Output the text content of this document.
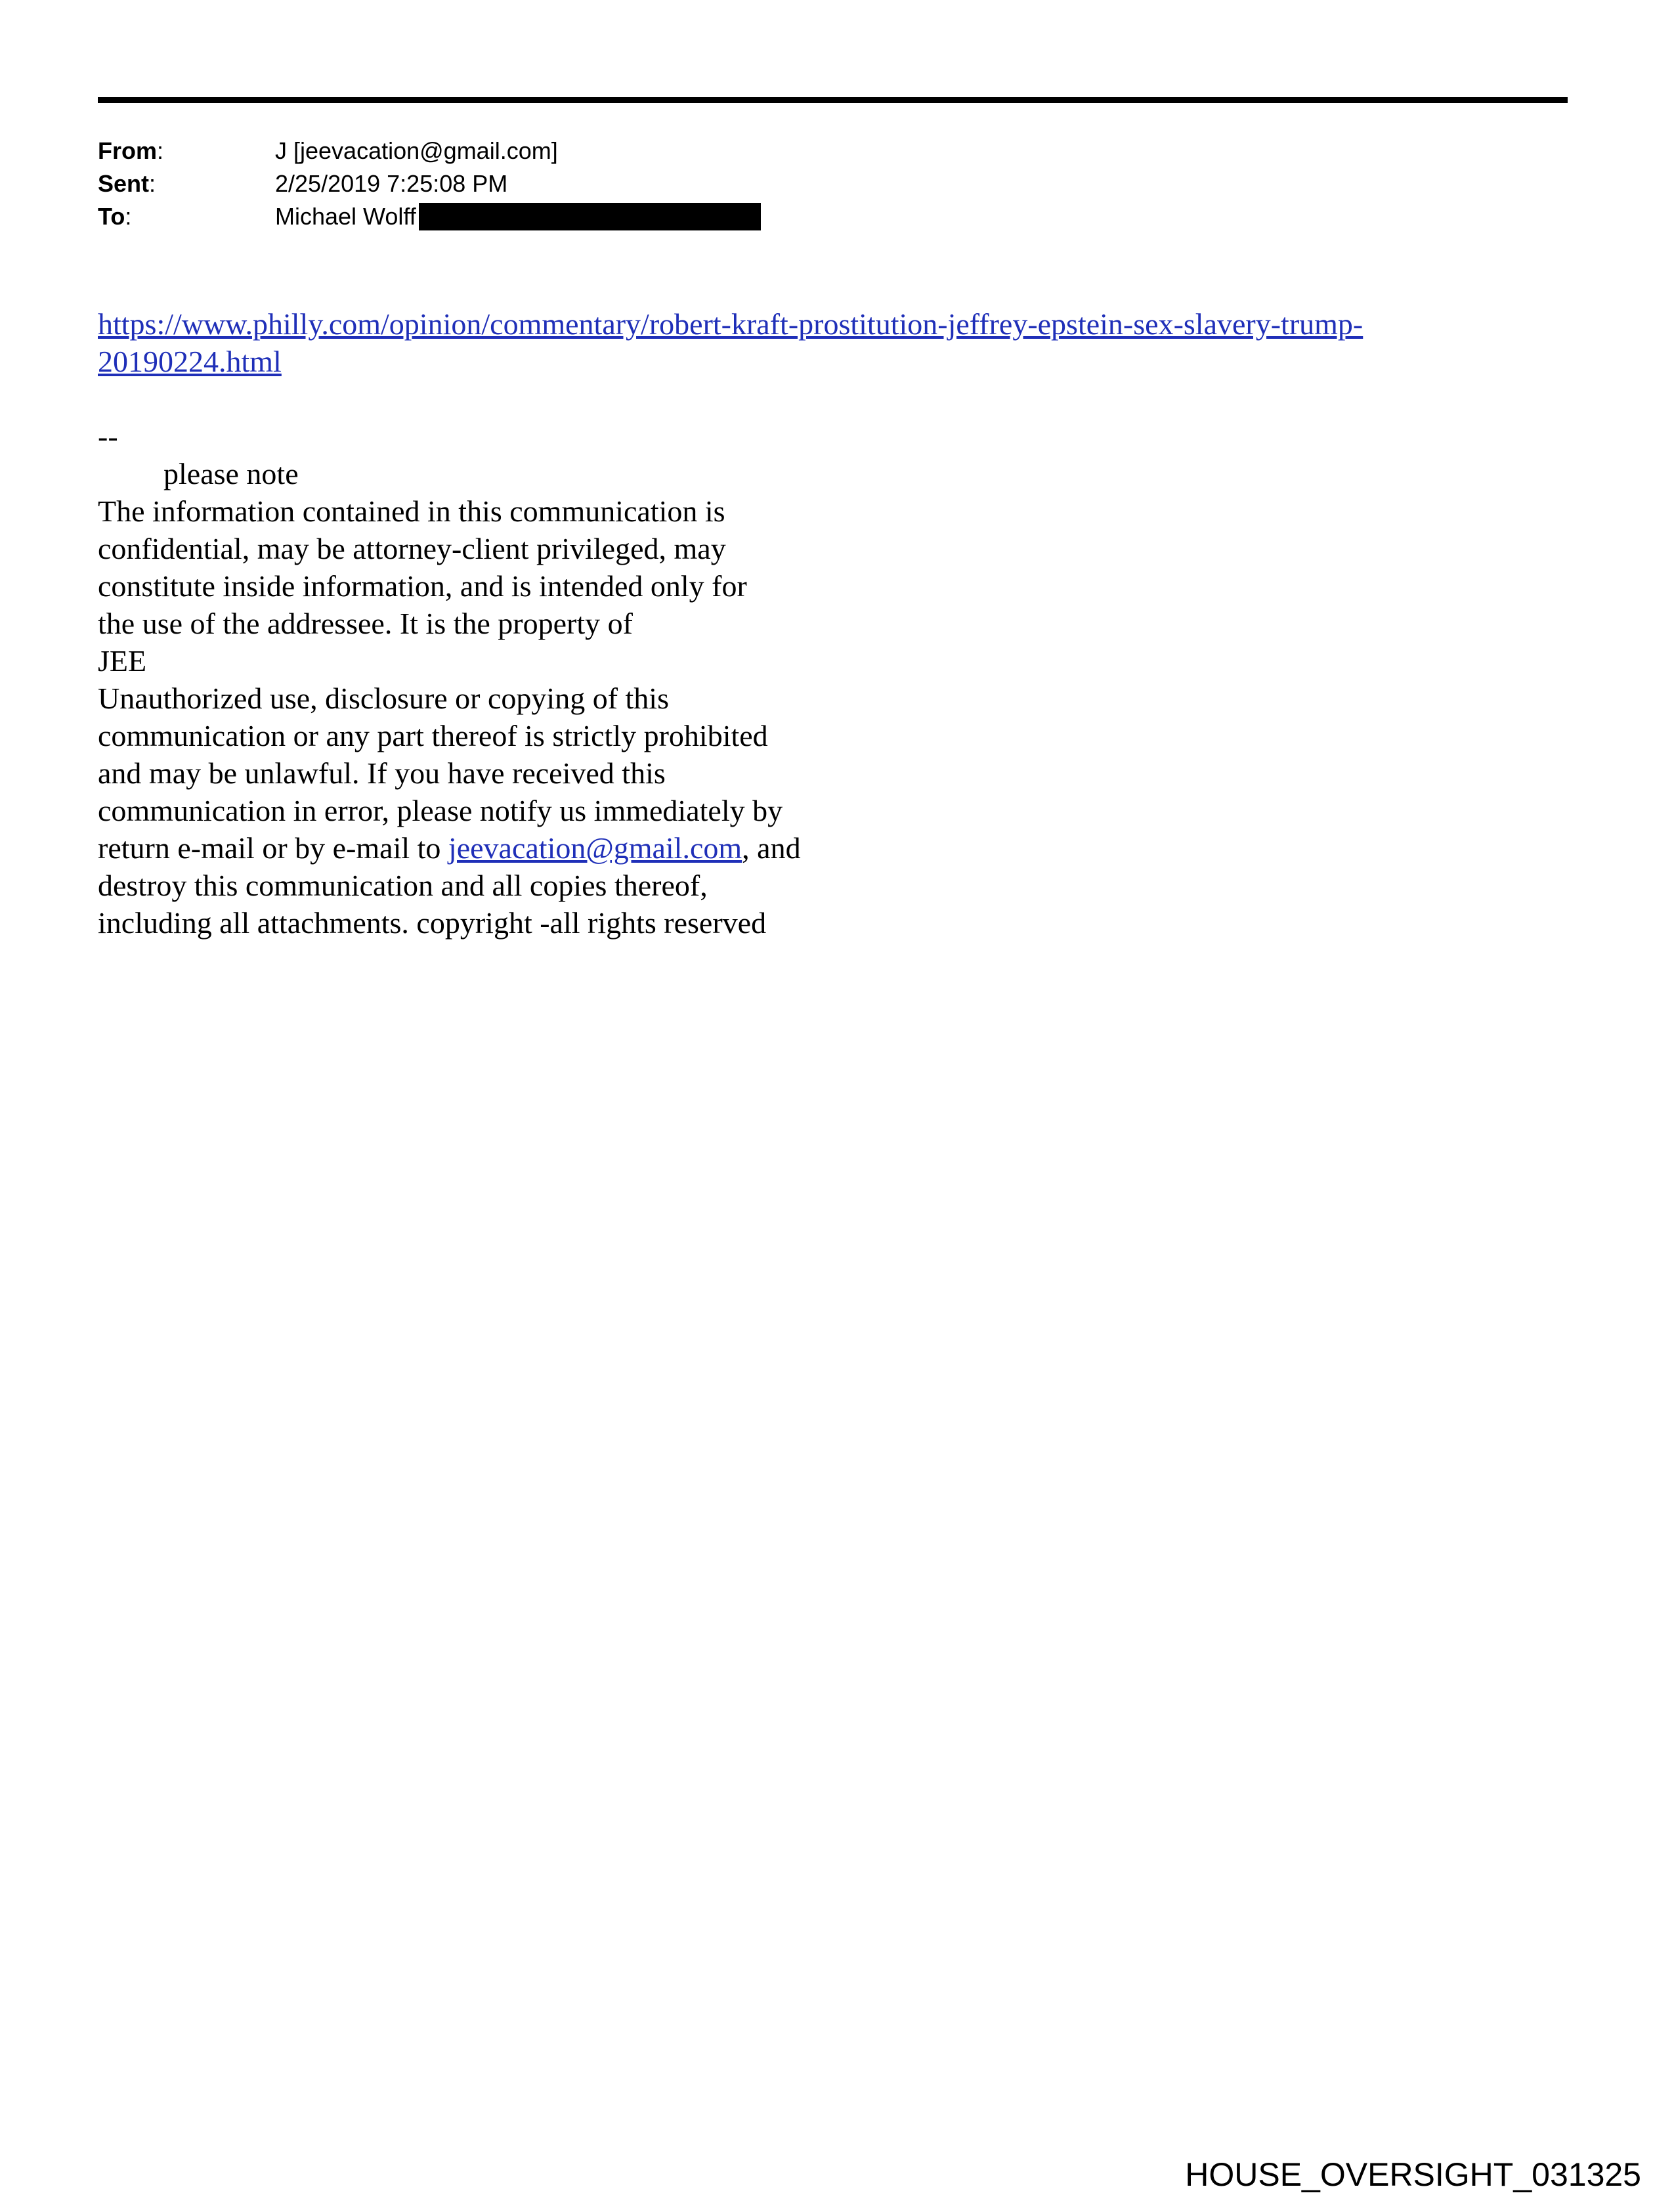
From:	J [jeevacation@gmail.com]
Sent:	2/25/2019 7:25:08 PM
To:	Michael Wolff
https://www.philly.com/opinion/commentary/robert-kraft-prostitution-jeffrey-epstein-sex-slavery-trump-
20190224.html
--
please note
The information contained in this communication is
confidential, may be attorney-client privileged, may
constitute inside information, and is intended only for
the use of the addressee. It is the property of
JEE
Unauthorized use, disclosure or copying of this
communication or any part thereof is strictly prohibited
and may be unlawful. If you have received this
communication in error, please notify us immediately by
return e-mail or by e-mail to jeevacation@gmail.com, and
destroy this communication and all copies thereof,
including all attachments. copyright -all rights reserved
HOUSE_OVERSIGHT_031325
